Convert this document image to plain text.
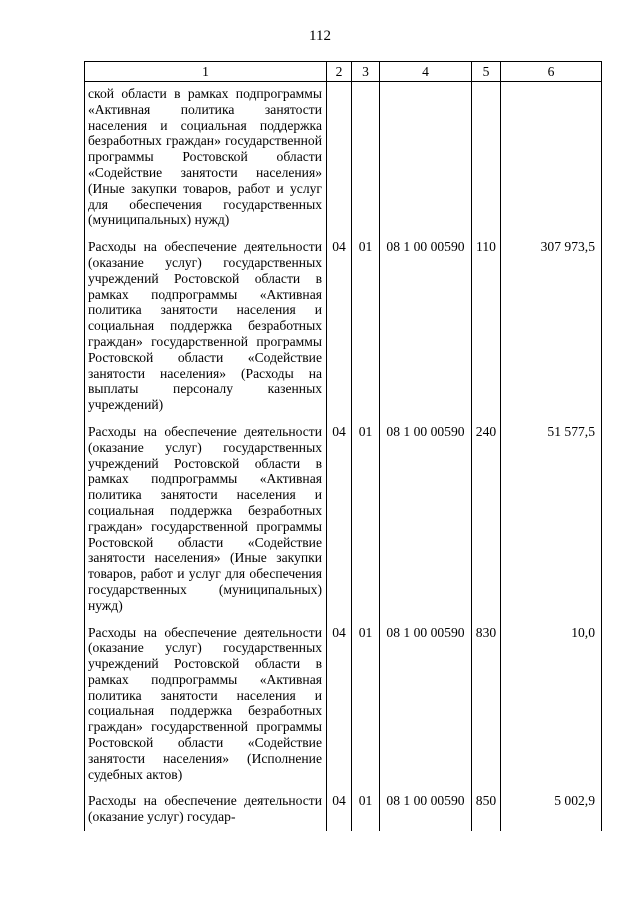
112
1	2	3	4	5	6
ской области в рамках подпрограммы «Активная политика занятости населения и социальная поддержка безработных граждан» государственной программы Ростовской области «Содействие занятости населения» (Иные закупки товаров, работ и услуг для обеспечения государственных (муниципальных) нужд)					
Расходы на обеспечение деятельности (оказание услуг) государственных учреждений Ростовской области в рамках подпрограммы «Активная политика занятости населения и социальная поддержка безработных граждан» государственной программы Ростовской области «Содействие занятости населения» (Расходы на выплаты персоналу казенных учреждений)	04	01	08 1 00 00590	110	307 973,5
Расходы на обеспечение деятельности (оказание услуг) государственных учреждений Ростовской области в рамках подпрограммы «Активная политика занятости населения и социальная поддержка безработных граждан» государственной программы Ростовской области «Содействие занятости населения» (Иные закупки товаров, работ и услуг для обеспечения государственных (муниципальных) нужд)	04	01	08 1 00 00590	240	51 577,5
Расходы на обеспечение деятельности (оказание услуг) государственных учреждений Ростовской области в рамках подпрограммы «Активная политика занятости населения и социальная поддержка безработных граждан» государственной программы Ростовской области «Содействие занятости населения» (Исполнение судебных актов)	04	01	08 1 00 00590	830	10,0
Расходы на обеспечение деятельности (оказание услуг) государ-	04	01	08 1 00 00590	850	5 002,9
